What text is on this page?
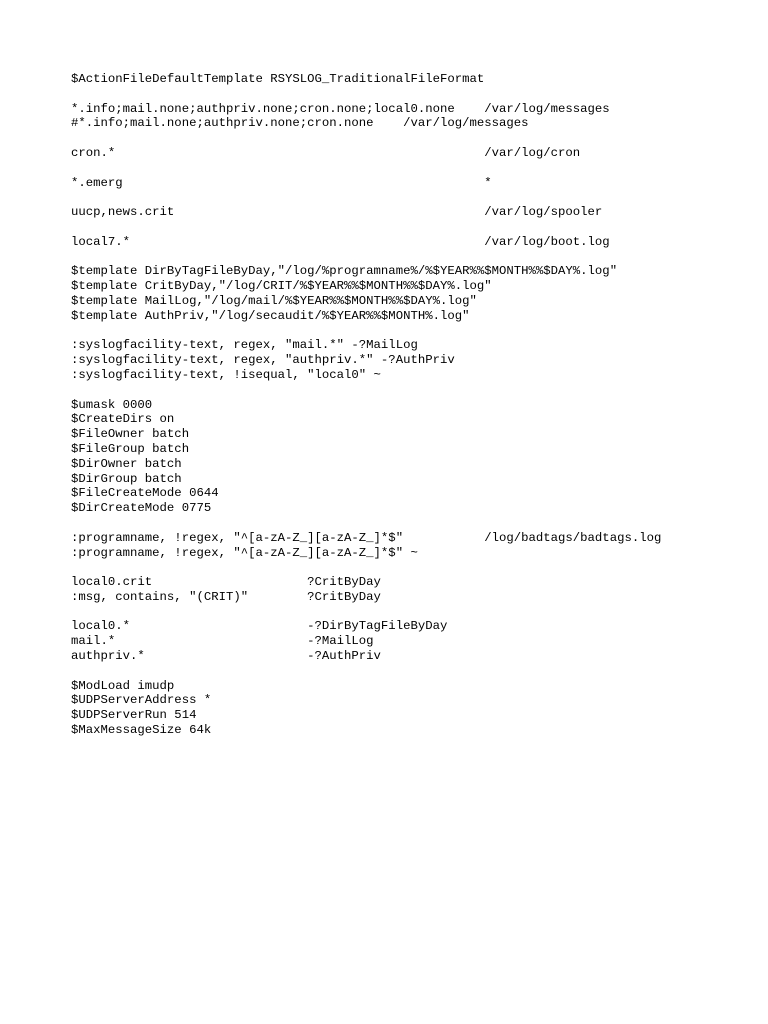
$ActionFileDefaultTemplate RSYSLOG_TraditionalFileFormat

*.info;mail.none;authpriv.none;cron.none;local0.none    /var/log/messages
#*.info;mail.none;authpriv.none;cron.none    /var/log/messages

cron.*                                                  /var/log/cron

*.emerg                                                 *

uucp,news.crit                                          /var/log/spooler

local7.*                                                /var/log/boot.log

$template DirByTagFileByDay,"/log/%programname%/%$YEAR%%$MONTH%%$DAY%.log"
$template CritByDay,"/log/CRIT/%$YEAR%%$MONTH%%$DAY%.log"
$template MailLog,"/log/mail/%$YEAR%%$MONTH%%$DAY%.log"
$template AuthPriv,"/log/secaudit/%$YEAR%%$MONTH%.log"

:syslogfacility-text, regex, "mail.*" -?MailLog
:syslogfacility-text, regex, "authpriv.*" -?AuthPriv
:syslogfacility-text, !isequal, "local0" ~

$umask 0000
$CreateDirs on
$FileOwner batch
$FileGroup batch
$DirOwner batch
$DirGroup batch
$FileCreateMode 0644
$DirCreateMode 0775

:programname, !regex, "^[a-zA-Z_][a-zA-Z_]*$"           /log/badtags/badtags.log
:programname, !regex, "^[a-zA-Z_][a-zA-Z_]*$" ~

local0.crit                     ?CritByDay
:msg, contains, "(CRIT)"        ?CritByDay

local0.*                        -?DirByTagFileByDay
mail.*                          -?MailLog
authpriv.*                      -?AuthPriv

$ModLoad imudp
$UDPServerAddress *
$UDPServerRun 514
$MaxMessageSize 64k
